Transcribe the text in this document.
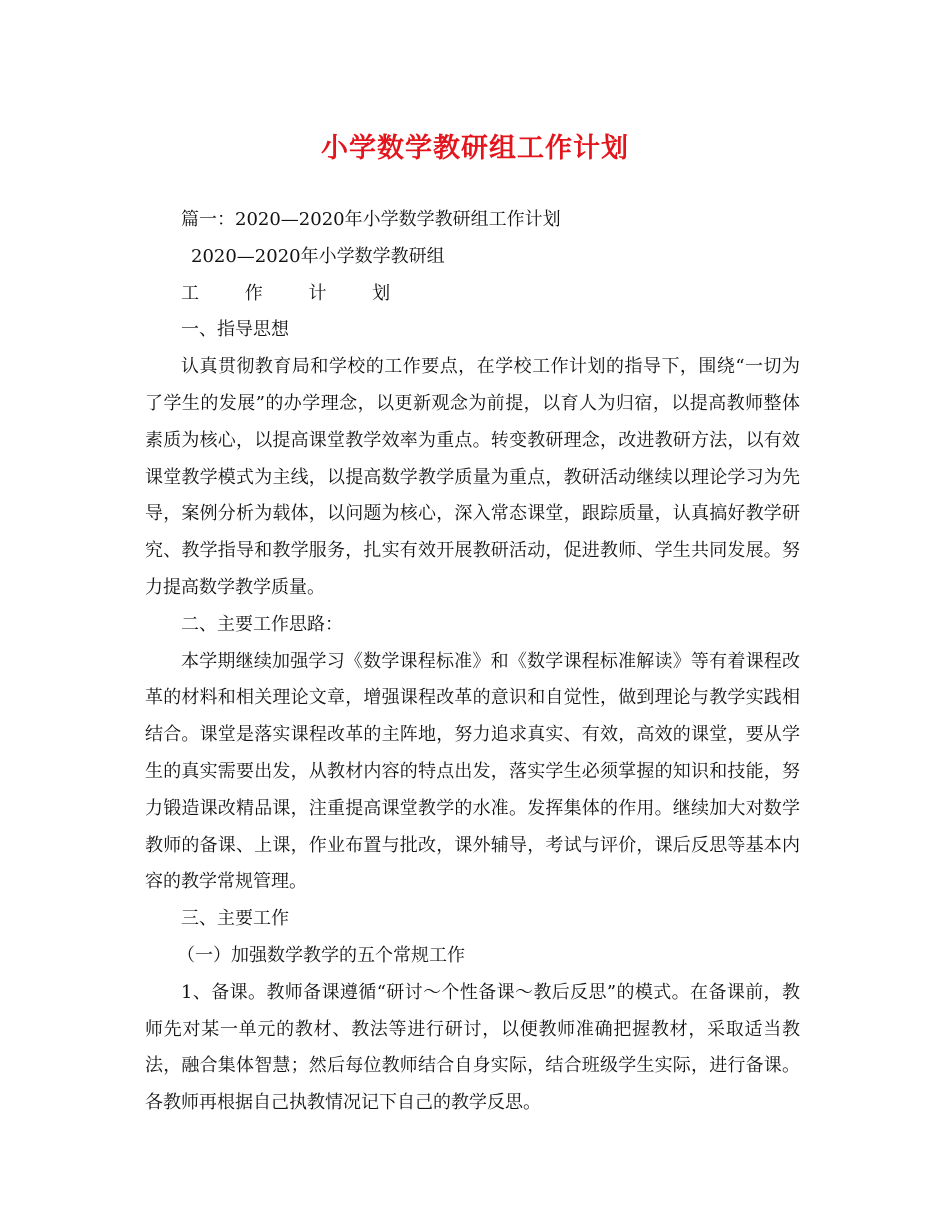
小学数学教研组工作计划

篇一：2020—2020年小学数学教研组工作计划

2020—2020年小学数学教研组

工 作 计 划

一、指导思想

认真贯彻教育局和学校的工作要点，在学校工作计划的指导下，围绕“一切为了学生的发展”的办学理念，以更新观念为前提，以育人为归宿，以提高教师整体素质为核心，以提高课堂教学效率为重点。转变教研理念，改进教研方法，以有效课堂教学模式为主线，以提高数学教学质量为重点，教研活动继续以理论学习为先导，案例分析为载体，以问题为核心，深入常态课堂，跟踪质量，认真搞好教学研究、教学指导和教学服务，扎实有效开展教研活动，促进教师、学生共同发展。努力提高数学教学质量。

二、主要工作思路：

本学期继续加强学习《数学课程标准》和《数学课程标准解读》等有着课程改革的材料和相关理论文章，增强课程改革的意识和自觉性，做到理论与教学实践相结合。课堂是落实课程改革的主阵地，努力追求真实、有效，高效的课堂，要从学生的真实需要出发，从教材内容的特点出发，落实学生必须掌握的知识和技能，努力锻造课改精品课，注重提高课堂教学的水准。发挥集体的作用。继续加大对数学教师的备课、上课，作业布置与批改，课外辅导，考试与评价，课后反思等基本内容的教学常规管理。

三、主要工作

（一）加强数学教学的五个常规工作

1、备课。教师备课遵循“研讨～个性备课～教后反思”的模式。在备课前，教师先对某一单元的教材、教法等进行研讨，以便教师准确把握教材，采取适当教法，融合集体智慧；然后每位教师结合自身实际，结合班级学生实际，进行备课。各教师再根据自己执教情况记下自己的教学反思。
